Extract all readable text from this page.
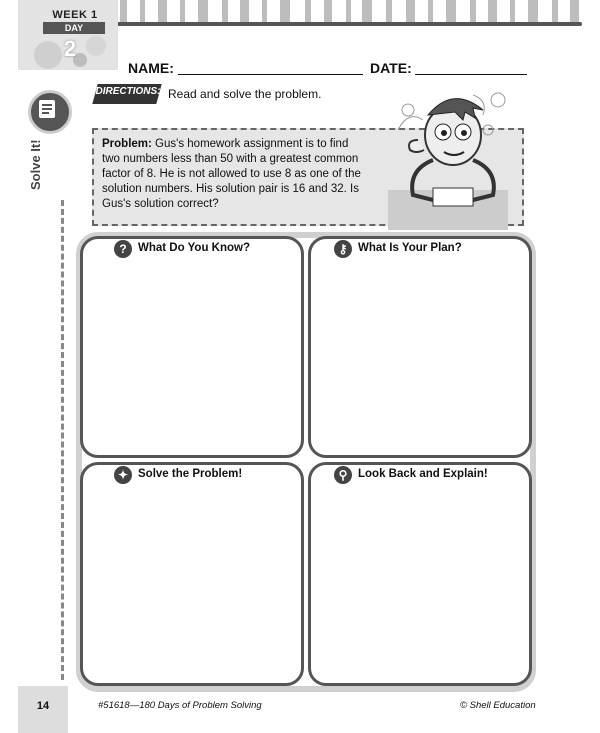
WEEK 1
DAY
2
Solve It!
NAME:	DATE:
DIRECTIONS: Read and solve the problem.
Problem: Gus's homework assignment is to find two numbers less than 50 with a greatest common factor of 8. He is not allowed to use 8 as one of the solution numbers. His solution pair is 16 and 32. Is Gus's solution correct?
? What Do You Know?	⚷ What Is Your Plan?
✦ Solve the Problem!	⚲ Look Back and Explain!
14	#51618—180 Days of Problem Solving	© Shell Education
